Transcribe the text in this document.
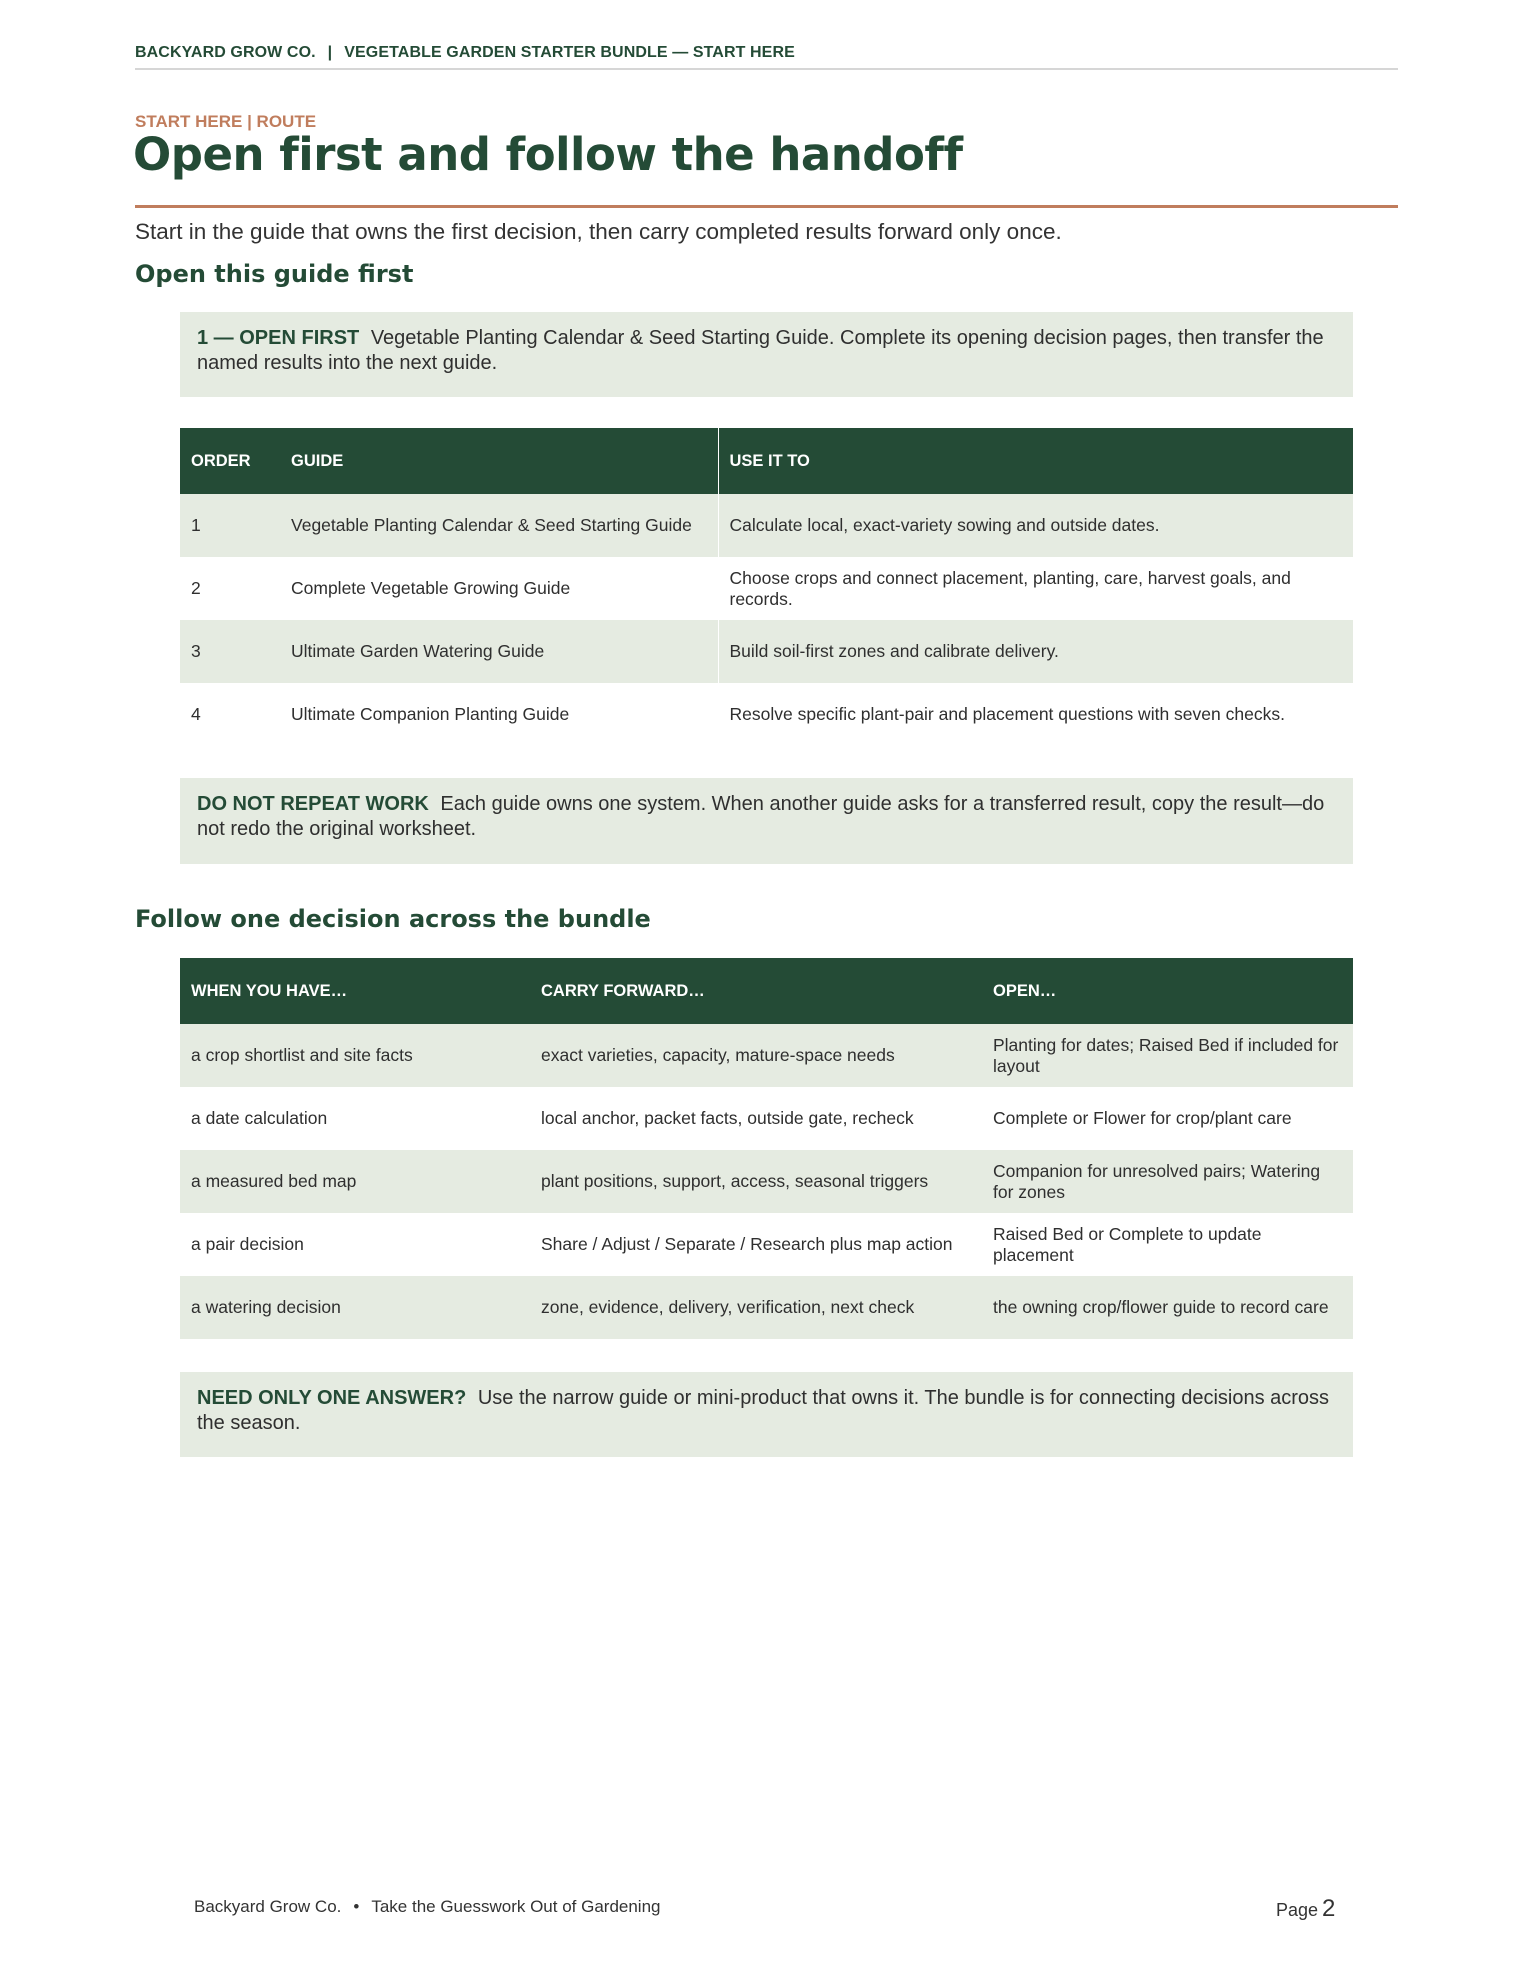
BACKYARD GROW CO. | VEGETABLE GARDEN STARTER BUNDLE — START HERE
START HERE | ROUTE
Open first and follow the handoff
Start in the guide that owns the first decision, then carry completed results forward only once.
Open this guide first
1 — OPEN FIRST Vegetable Planting Calendar & Seed Starting Guide. Complete its opening decision pages, then transfer the named results into the next guide.
ORDER	GUIDE	USE IT TO
1	Vegetable Planting Calendar & Seed Starting Guide	Calculate local, exact-variety sowing and outside dates.
2	Complete Vegetable Growing Guide	Choose crops and connect placement, planting, care, harvest goals, and records.
3	Ultimate Garden Watering Guide	Build soil-first zones and calibrate delivery.
4	Ultimate Companion Planting Guide	Resolve specific plant-pair and placement questions with seven checks.
DO NOT REPEAT WORK Each guide owns one system. When another guide asks for a transferred result, copy the result—do not redo the original worksheet.
Follow one decision across the bundle
WHEN YOU HAVE…	CARRY FORWARD…	OPEN…
a crop shortlist and site facts	exact varieties, capacity, mature-space needs	Planting for dates; Raised Bed if included for layout
a date calculation	local anchor, packet facts, outside gate, recheck	Complete or Flower for crop/plant care
a measured bed map	plant positions, support, access, seasonal triggers	Companion for unresolved pairs; Watering for zones
a pair decision	Share / Adjust / Separate / Research plus map action	Raised Bed or Complete to update placement
a watering decision	zone, evidence, delivery, verification, next check	the owning crop/flower guide to record care
NEED ONLY ONE ANSWER? Use the narrow guide or mini-product that owns it. The bundle is for connecting decisions across the season.
Backyard Grow Co. • Take the Guesswork Out of Gardening	Page 2
